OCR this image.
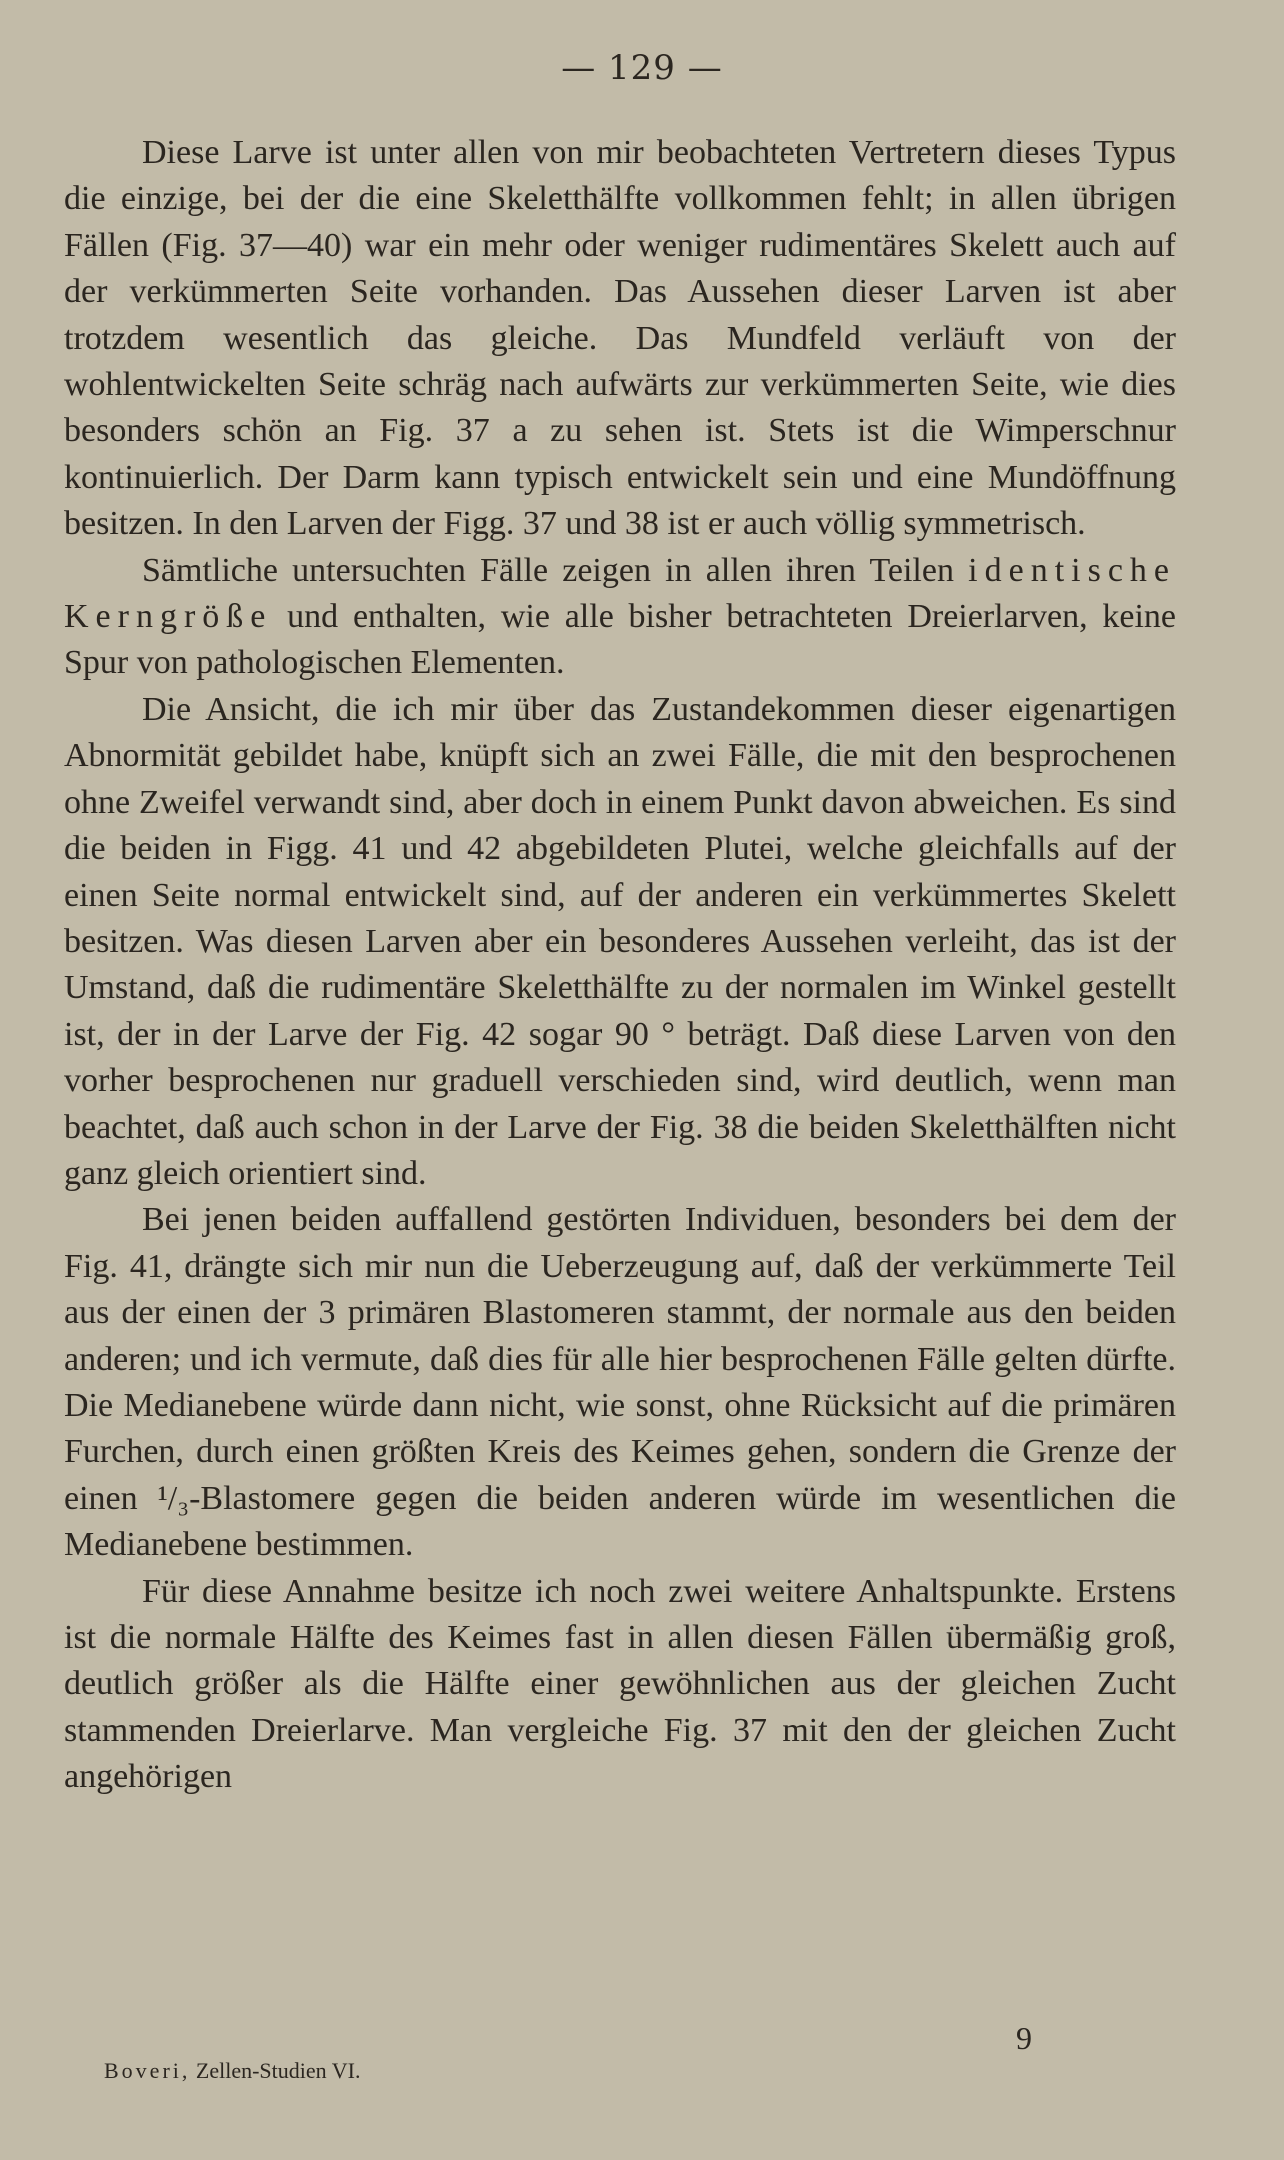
— 129 —

Diese Larve ist unter allen von mir beobachteten Vertretern dieses Typus die einzige, bei der die eine Skeletthälfte vollkommen fehlt; in allen übrigen Fällen (Fig. 37—40) war ein mehr oder weniger rudimentäres Skelett auch auf der verkümmerten Seite vorhanden. Das Aussehen dieser Larven ist aber trotzdem wesentlich das gleiche. Das Mundfeld verläuft von der wohlentwickelten Seite schräg nach aufwärts zur verkümmerten Seite, wie dies besonders schön an Fig. 37 a zu sehen ist. Stets ist die Wimperschnur kontinuierlich. Der Darm kann typisch entwickelt sein und eine Mundöffnung besitzen. In den Larven der Figg. 37 und 38 ist er auch völlig symmetrisch.

Sämtliche untersuchten Fälle zeigen in allen ihren Teilen identische Kerngröße und enthalten, wie alle bisher betrachteten Dreierlarven, keine Spur von pathologischen Elementen.

Die Ansicht, die ich mir über das Zustandekommen dieser eigenartigen Abnormität gebildet habe, knüpft sich an zwei Fälle, die mit den besprochenen ohne Zweifel verwandt sind, aber doch in einem Punkt davon abweichen. Es sind die beiden in Figg. 41 und 42 abgebildeten Plutei, welche gleichfalls auf der einen Seite normal entwickelt sind, auf der anderen ein verkümmertes Skelett besitzen. Was diesen Larven aber ein besonderes Aussehen verleiht, das ist der Umstand, daß die rudimentäre Skeletthälfte zu der normalen im Winkel gestellt ist, der in der Larve der Fig. 42 sogar 90 ° beträgt. Daß diese Larven von den vorher besprochenen nur graduell verschieden sind, wird deutlich, wenn man beachtet, daß auch schon in der Larve der Fig. 38 die beiden Skeletthälften nicht ganz gleich orientiert sind.

Bei jenen beiden auffallend gestörten Individuen, besonders bei dem der Fig. 41, drängte sich mir nun die Ueberzeugung auf, daß der verkümmerte Teil aus der einen der 3 primären Blastomeren stammt, der normale aus den beiden anderen; und ich vermute, daß dies für alle hier besprochenen Fälle gelten dürfte. Die Medianebene würde dann nicht, wie sonst, ohne Rücksicht auf die primären Furchen, durch einen größten Kreis des Keimes gehen, sondern die Grenze der einen ¹/₃-Blastomere gegen die beiden anderen würde im wesentlichen die Medianebene bestimmen.

Für diese Annahme besitze ich noch zwei weitere Anhaltspunkte. Erstens ist die normale Hälfte des Keimes fast in allen diesen Fällen übermäßig groß, deutlich größer als die Hälfte einer gewöhnlichen aus der gleichen Zucht stammenden Dreierlarve. Man vergleiche Fig. 37 mit den der gleichen Zucht angehörigen

9
Boveri, Zellen-Studien VI.
